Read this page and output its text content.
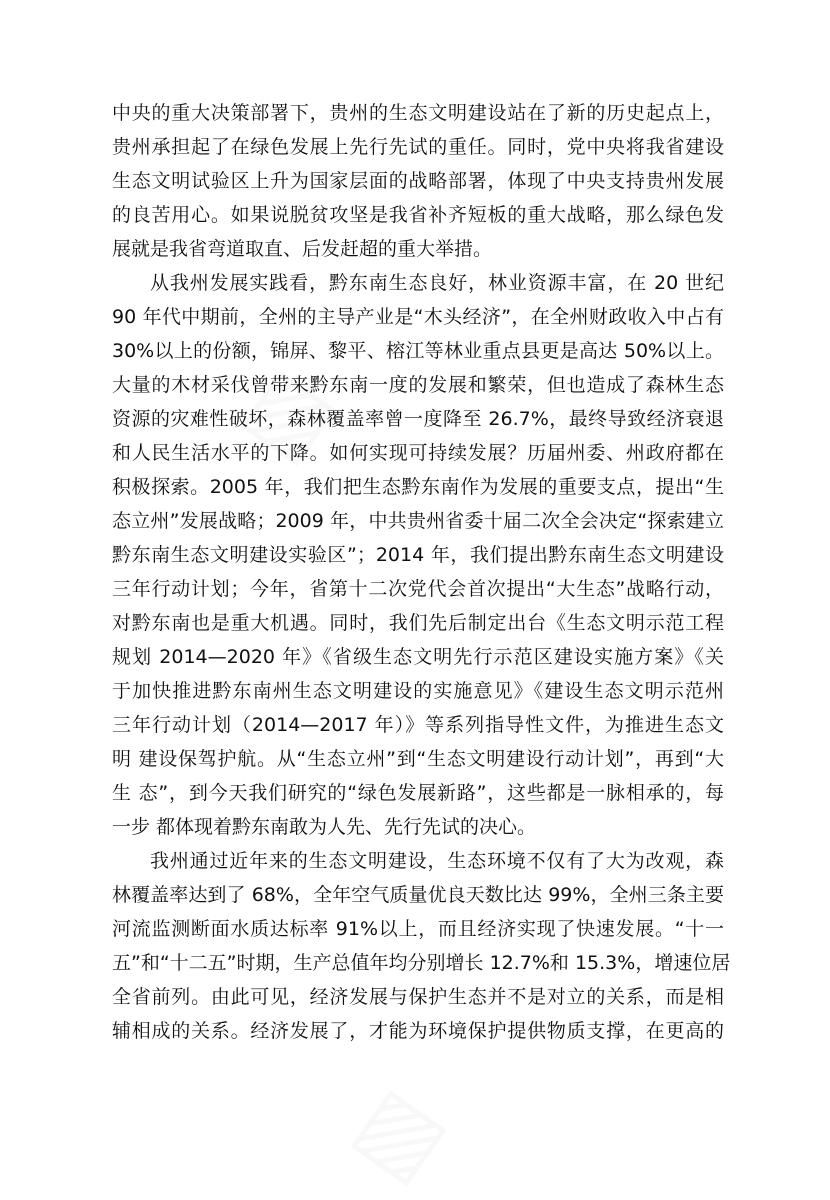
▨
▨
中央的重大决策部署下，贵州的生态文明建设站在了新的历史起点上，
贵州承担起了在绿色发展上先行先试的重任。同时，党中央将我省建设
生态文明试验区上升为国家层面的战略部署，体现了中央支持贵州发展
的良苦用心。如果说脱贫攻坚是我省补齐短板的重大战略，那么绿色发
展就是我省弯道取直、后发赶超的重大举措。
从我州发展实践看，黔东南生态良好，林业资源丰富，在 20 世纪
90 年代中期前，全州的主导产业是“木头经济”，在全州财政收入中占有
30%以上的份额，锦屏、黎平、榕江等林业重点县更是高达 50%以上。
大量的木材采伐曾带来黔东南一度的发展和繁荣，但也造成了森林生态
资源的灾难性破坏，森林覆盖率曾一度降至 26.7%，最终导致经济衰退
和人民生活水平的下降。如何实现可持续发展？历届州委、州政府都在
积极探索。2005 年，我们把生态黔东南作为发展的重要支点，提出“生
态立州”发展战略；2009 年，中共贵州省委十届二次全会决定“探索建立
黔东南生态文明建设实验区”；2014 年，我们提出黔东南生态文明建设
三年行动计划；今年，省第十二次党代会首次提出“大生态”战略行动，
对黔东南也是重大机遇。同时，我们先后制定出台《生态文明示范工程
规划 2014—2020 年》《省级生态文明先行示范区建设实施方案》《关
于加快推进黔东南州生态文明建设的实施意见》《建设生态文明示范州
三年行动计划（2014—2017 年）》等系列指导性文件，为推进生态文
明 建设保驾护航。从“生态立州”到“生态文明建设行动计划”，再到“大
生 态”，到今天我们研究的“绿色发展新路”，这些都是一脉相承的，每
一步 都体现着黔东南敢为人先、先行先试的决心。
我州通过近年来的生态文明建设，生态环境不仅有了大为改观，森
林覆盖率达到了 68%，全年空气质量优良天数比达 99%，全州三条主要
河流监测断面水质达标率 91%以上，而且经济实现了快速发展。“十一
五”和“十二五”时期，生产总值年均分别增长 12.7%和 15.3%，增速位居
全省前列。由此可见，经济发展与保护生态并不是对立的关系，而是相
辅相成的关系。经济发展了，才能为环境保护提供物质支撑，在更高的
